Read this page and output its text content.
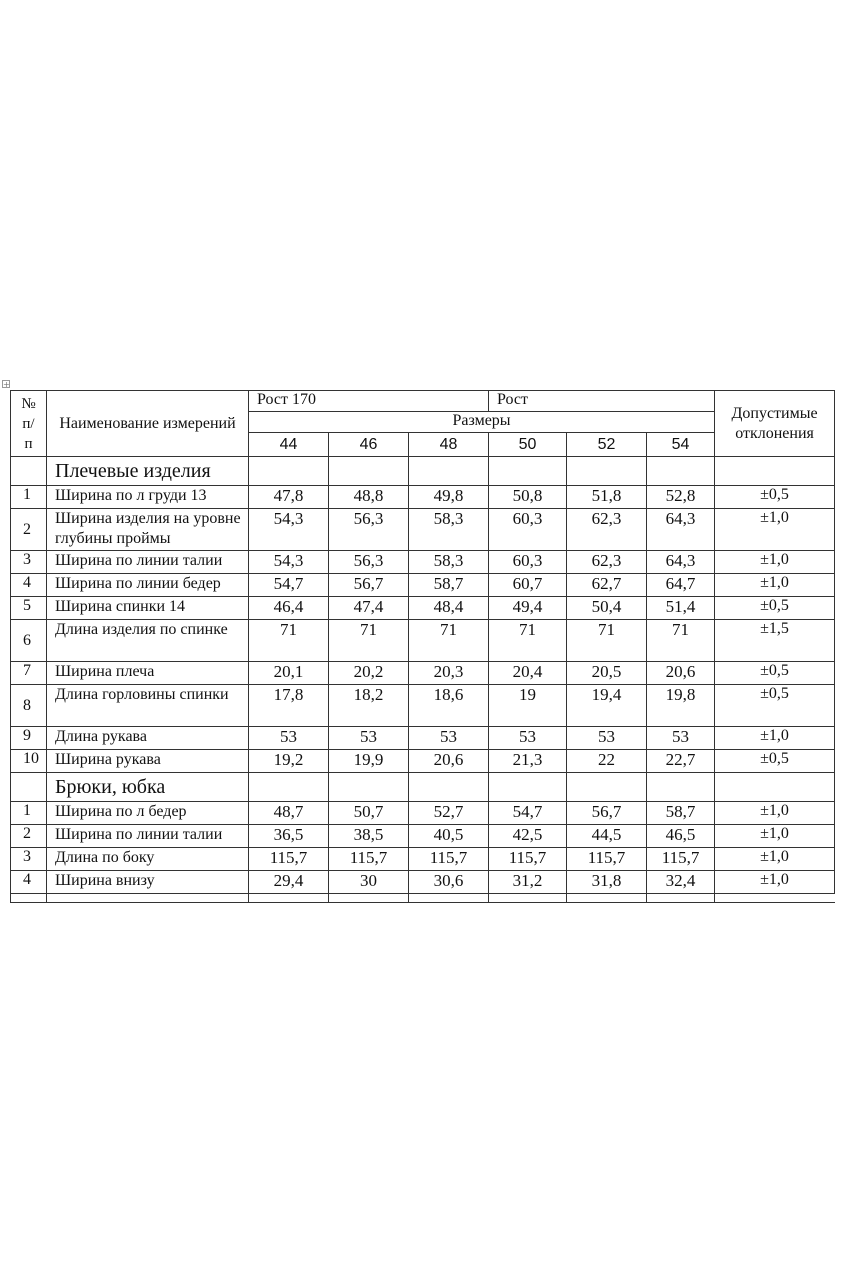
+
№
п/
п	Наименование измерений	Рост 170			Рост			Допустимые отклонения
		Размеры						
		44	46	48	50	52	54	
	Плечевые изделия							
1	Ширина по л груди 13	47,8	48,8	49,8	50,8	51,8	52,8	±0,5
2	Ширина изделия на уровне глубины проймы	54,3	56,3	58,3	60,3	62,3	64,3	±1,0
3	Ширина по линии талии	54,3	56,3	58,3	60,3	62,3	64,3	±1,0
4	Ширина по линии бедер	54,7	56,7	58,7	60,7	62,7	64,7	±1,0
5	Ширина спинки 14	46,4	47,4	48,4	49,4	50,4	51,4	±0,5
6	Длина изделия по спинке	71	71	71	71	71	71	±1,5
7	Ширина плеча	20,1	20,2	20,3	20,4	20,5	20,6	±0,5
8	Длина горловины спинки	17,8	18,2	18,6	19	19,4	19,8	±0,5
9	Длина рукава	53	53	53	53	53	53	±1,0
10	Ширина рукава	19,2	19,9	20,6	21,3	22	22,7	±0,5
	Брюки, юбка							
1	Ширина по л бедер	48,7	50,7	52,7	54,7	56,7	58,7	±1,0
2	Ширина по линии талии	36,5	38,5	40,5	42,5	44,5	46,5	±1,0
3	Длина по боку	115,7	115,7	115,7	115,7	115,7	115,7	±1,0
4	Ширина внизу	29,4	30	30,6	31,2	31,8	32,4	±1,0
